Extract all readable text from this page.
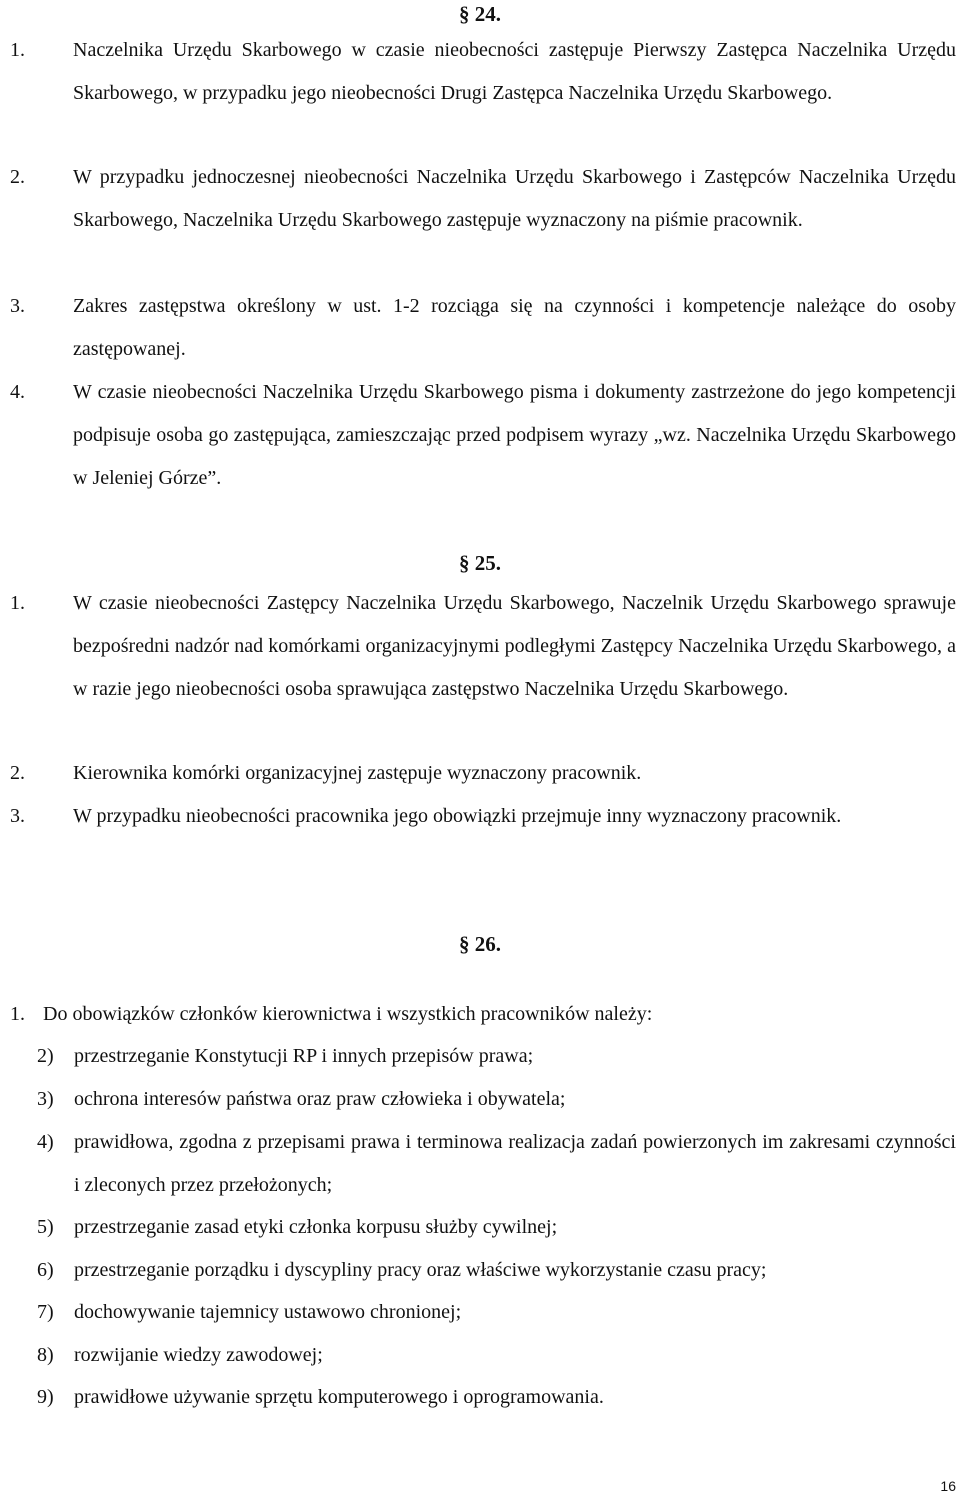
§ 24.
1. Naczelnika Urzędu Skarbowego w czasie nieobecności zastępuje Pierwszy Zastępca Naczelnika Urzędu Skarbowego, w przypadku jego nieobecności Drugi Zastępca Naczelnika Urzędu Skarbowego.
2. W przypadku jednoczesnej nieobecności Naczelnika Urzędu Skarbowego i Zastępców Naczelnika Urzędu Skarbowego, Naczelnika Urzędu Skarbowego zastępuje wyznaczony na piśmie pracownik.
3. Zakres zastępstwa określony w ust. 1-2 rozciąga się na czynności i kompetencje należące do osoby zastępowanej.
4. W czasie nieobecności Naczelnika Urzędu Skarbowego pisma i dokumenty zastrzeżone do jego kompetencji podpisuje osoba go zastępująca, zamieszczając przed podpisem wyrazy „wz. Naczelnika Urzędu Skarbowego w Jeleniej Górze”.
§ 25.
1. W czasie nieobecności Zastępcy Naczelnika Urzędu Skarbowego, Naczelnik Urzędu Skarbowego sprawuje bezpośredni nadzór nad komórkami organizacyjnymi podległymi Zastępcy Naczelnika Urzędu Skarbowego, a w razie jego nieobecności osoba sprawująca zastępstwo Naczelnika Urzędu Skarbowego.
2. Kierownika komórki organizacyjnej zastępuje wyznaczony pracownik.
3. W przypadku nieobecności pracownika jego obowiązki przejmuje inny wyznaczony pracownik.
§ 26.
1. Do obowiązków członków kierownictwa i wszystkich pracowników należy:
2) przestrzeganie Konstytucji RP i innych przepisów prawa;
3) ochrona interesów państwa oraz praw człowieka i obywatela;
4) prawidłowa, zgodna z przepisami prawa i terminowa realizacja zadań powierzonych im zakresami czynności i zleconych przez przełożonych;
5) przestrzeganie zasad etyki członka korpusu służby cywilnej;
6) przestrzeganie porządku i dyscypliny pracy oraz właściwe wykorzystanie czasu pracy;
7) dochowywanie tajemnicy ustawowo chronionej;
8) rozwijanie wiedzy zawodowej;
9) prawidłowe używanie sprzętu komputerowego i oprogramowania.
16
